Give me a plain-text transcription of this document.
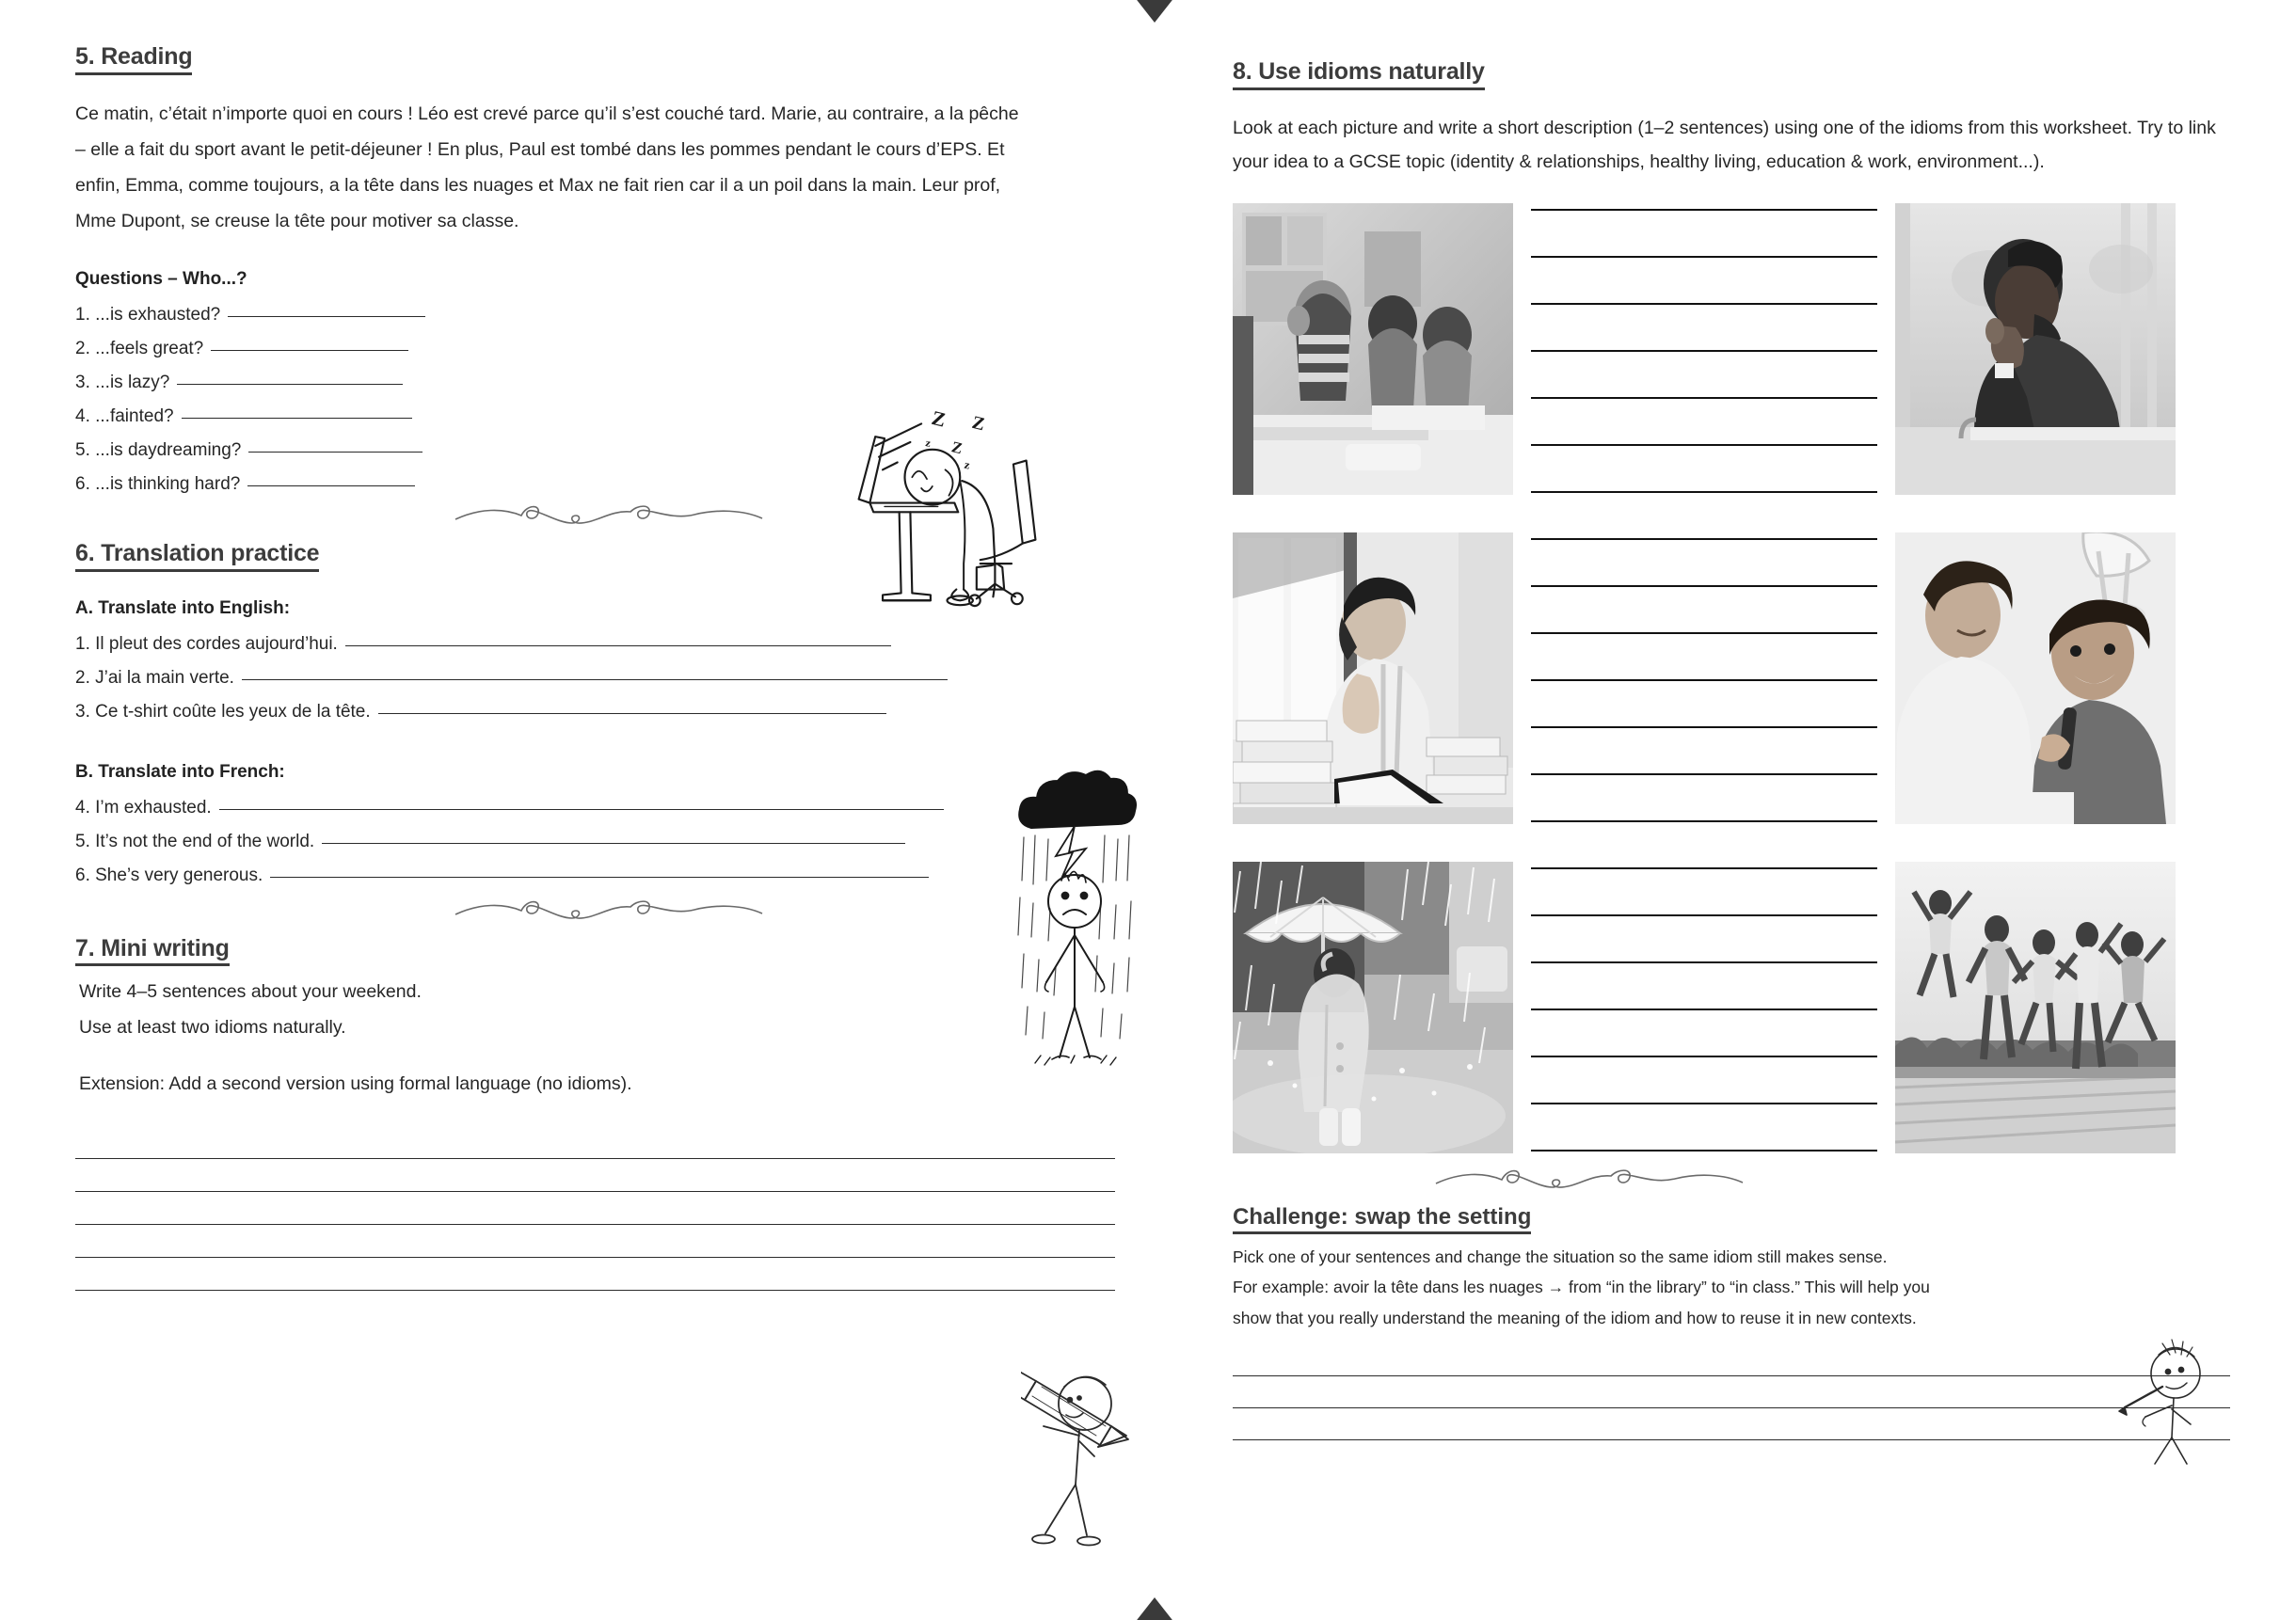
5. Reading

Ce matin, c’était n’importe quoi en cours ! Léo est crevé parce qu’il s’est couché tard. Marie, au contraire, a la pêche – elle a fait du sport avant le petit-déjeuner ! En plus, Paul est tombé dans les pommes pendant le cours d’EPS. Et enfin, Emma, comme toujours, a la tête dans les nuages et Max ne fait rien car il a un poil dans la main. Leur prof, Mme Dupont, se creuse la tête pour motiver sa classe.

Questions – Who...?
1. ...is exhausted?
2. ...feels great?
3. ...is lazy?
4. ...fainted?
5. ...is daydreaming?
6. ...is thinking hard?
6. Translation practice
A. Translate into English:
1. Il pleut des cordes aujourd’hui.
2. J’ai la main verte.
3. Ce t-shirt coûte les yeux de la tête.
B. Translate into French:
4. I’m exhausted.
5. It’s not the end of the world.
6. She’s very generous.
7. Mini writing

Write 4–5 sentences about your weekend.

Use at least two idioms naturally.

Extension: Add a second version using formal language (no idioms).

8. Use idioms naturally

Look at each picture and write a short description (1–2 sentences) using one of the idioms from this worksheet. Try to link your idea to a GCSE topic (identity & relationships, healthy living, education & work, environment...).

Challenge: swap the setting

Pick one of your sentences and change the situation so the same idiom still makes sense.

For example: avoir la tête dans les nuages → from “in the library” to “in class.” This will help you

show that you really understand the meaning of the idiom and how to reuse it in new contexts.

Z Z
Z
z
z
